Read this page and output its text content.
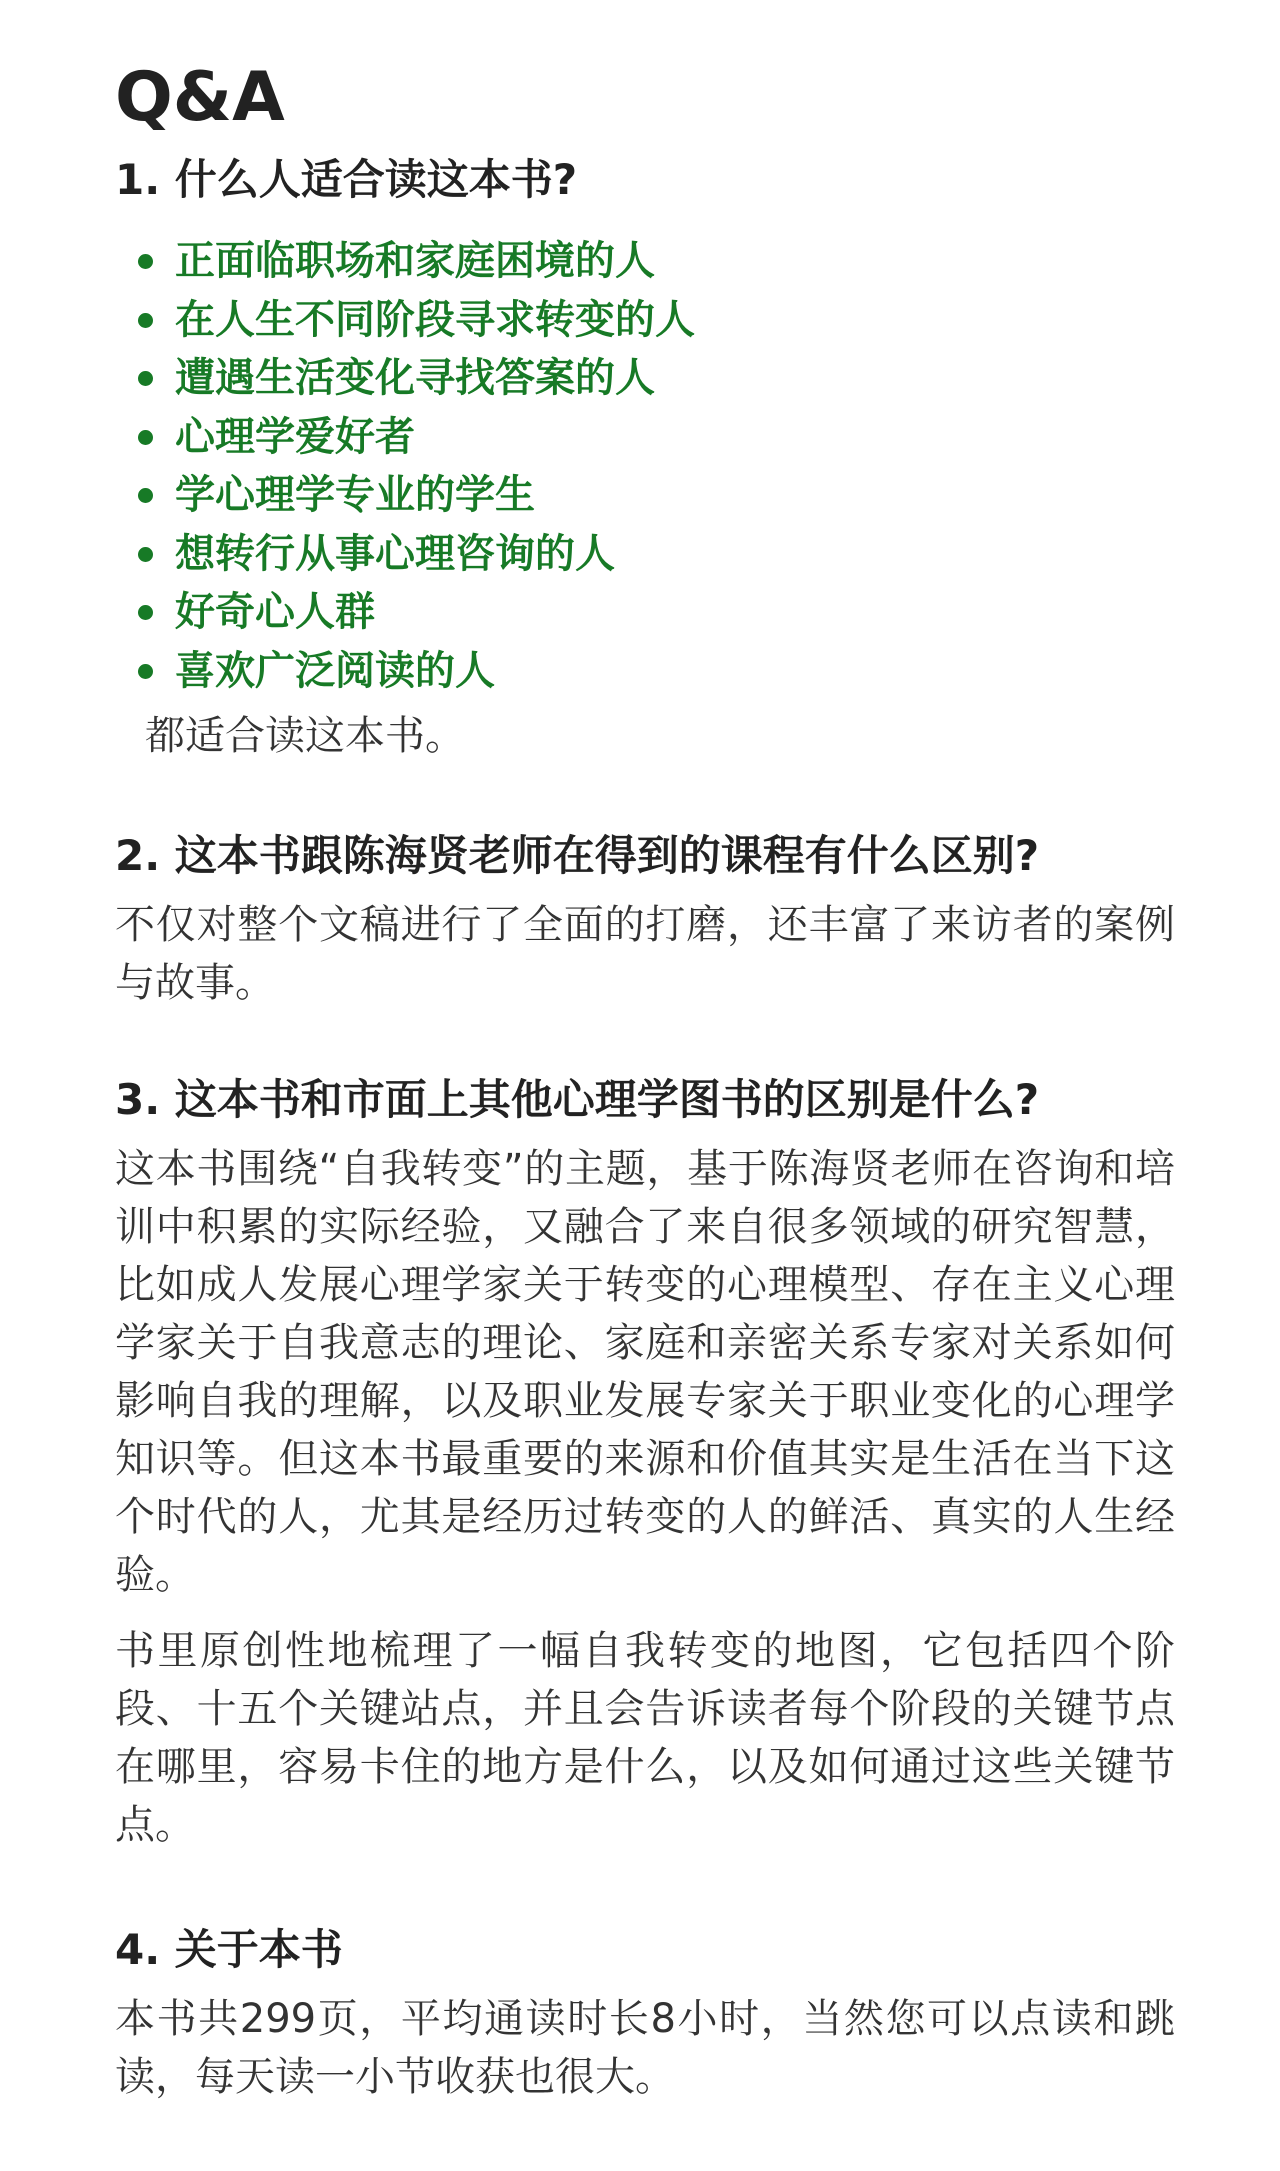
Q&A
1. 什么人适合读这本书?
正面临职场和家庭困境的人
在人生不同阶段寻求转变的人
遭遇生活变化寻找答案的人
心理学爱好者
学心理学专业的学生
想转行从事心理咨询的人
好奇心人群
喜欢广泛阅读的人

都适合读这本书。

2. 这本书跟陈海贤老师在得到的课程有什么区别?

不仅对整个文稿进行了全面的打磨，还丰富了来访者的案例与故事。

3. 这本书和市面上其他心理学图书的区别是什么?

这本书围绕“自我转变”的主题，基于陈海贤老师在咨询和培训中积累的实际经验，又融合了来自很多领域的研究智慧，比如成人发展心理学家关于转变的心理模型、存在主义心理学家关于自我意志的理论、家庭和亲密关系专家对关系如何影响自我的理解，以及职业发展专家关于职业变化的心理学知识等。但这本书最重要的来源和价值其实是生活在当下这个时代的人，尤其是经历过转变的人的鲜活、真实的人生经验。

书里原创性地梳理了一幅自我转变的地图，它包括四个阶段、十五个关键站点，并且会告诉读者每个阶段的关键节点在哪里，容易卡住的地方是什么，以及如何通过这些关键节点。

4. 关于本书

本书共299页，平均通读时长8小时，当然您可以点读和跳读，每天读一小节收获也很大。
